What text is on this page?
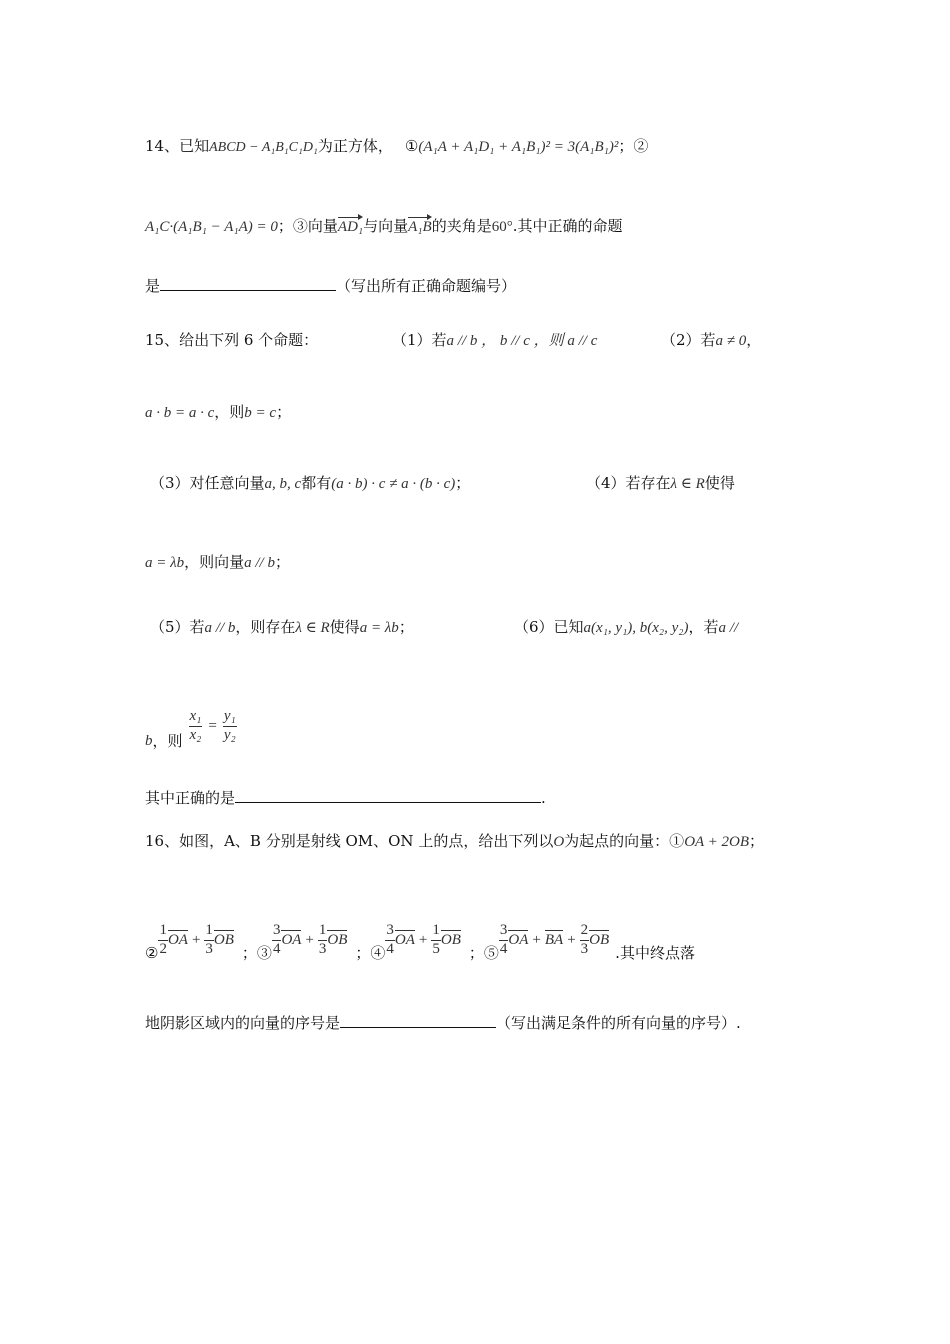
14、已知ABCD − A₁B₁C₁D₁为正方体， ①(A₁A + A₁D₁ + A₁B₁)² = 3(A₁B₁)²；②
A₁C·(A₁B₁ − A₁A) = 0；③向量AD₁与向量A₁B的夹角是60°.其中正确的命题
是	（写出所有正确命题编号）
15、给出下列 6 个命题：	（1）若a // b ， b // c ，则 a // c	（2）若a ≠ 0，
a · b = a · c，则b = c；
（3）对任意向量a, b, c都有(a · b) · c ≠ a · (b · c)；	（4）若存在λ ∈ R使得
a = λb，则向量a // b；
（5）若a // b，则存在λ ∈ R使得a = λb；	（6）已知a(x₁, y₁), b(x₂, y₂)，若a //
b ，则 $\frac{\text{x₁}}{\text{x₂}} = \frac{\text{y₁}}{\text{y₂}}$
其中正确的是	.
16、如图，A、B 分别是射线 OM、ON 上的点，给出下列以O为起点的向量：①OA + 2OB；
② $\frac{1}{2}$ OA + $\frac{1}{3}$ OB
；③ $\frac{3}{4}$ OA + $\frac{1}{3}$ OB
；④ $\frac{3}{4}$ OA + $\frac{1}{5}$ OB
；⑤ $\frac{3}{4}$ OA + BA + $\frac{2}{3}$ OB
.其中终点落
地阴影区域内的向量的序号是	（写出满足条件的所有向量的序号）.
